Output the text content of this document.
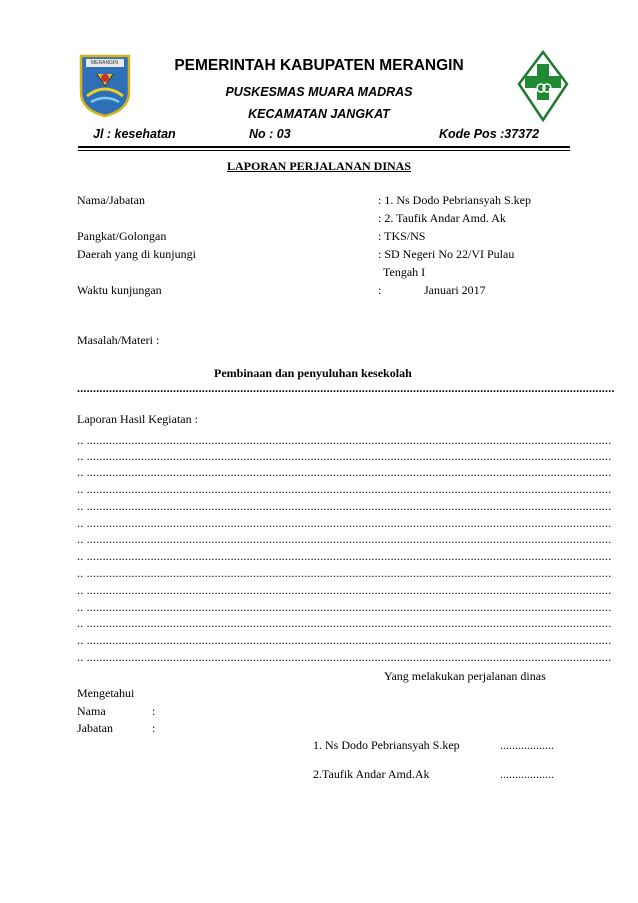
MERANGIN	PEMERINTAH KABUPATEN MERANGIN
PUSKESMAS MUARA MADRAS
KECAMATAN JANGKAT
Jl : kesehatan	No : 03	Kode Pos :37372
LAPORAN PERJALANAN DINAS
Nama/Jabatan	: 1. Ns Dodo Pebriansyah S.kep
: 2. Taufik Andar Amd. Ak
Pangkat/Golongan	: TKS/NS
Daerah yang di kunjungi	: SD Negeri No 22/VI Pulau
Tengah I
Waktu kunjungan	:	Januari 2017
Masalah/Materi :
Pembinaan dan penyuluhan kesekolah
........................................................................................................................................................................
Laporan Hasil Kegiatan :
.. ....................................................................................................................................................................
.. ....................................................................................................................................................................
.. ....................................................................................................................................................................
.. ....................................................................................................................................................................
.. ....................................................................................................................................................................
.. ....................................................................................................................................................................
.. ....................................................................................................................................................................
.. ....................................................................................................................................................................
.. ....................................................................................................................................................................
.. ....................................................................................................................................................................
.. ....................................................................................................................................................................
.. ....................................................................................................................................................................
.. ....................................................................................................................................................................
.. ....................................................................................................................................................................
Yang melakukan perjalanan dinas
Mengetahui
Nama	:
Jabatan	:
1. Ns Dodo Pebriansyah S.kep	..................
2.Taufik Andar Amd.Ak	..................
